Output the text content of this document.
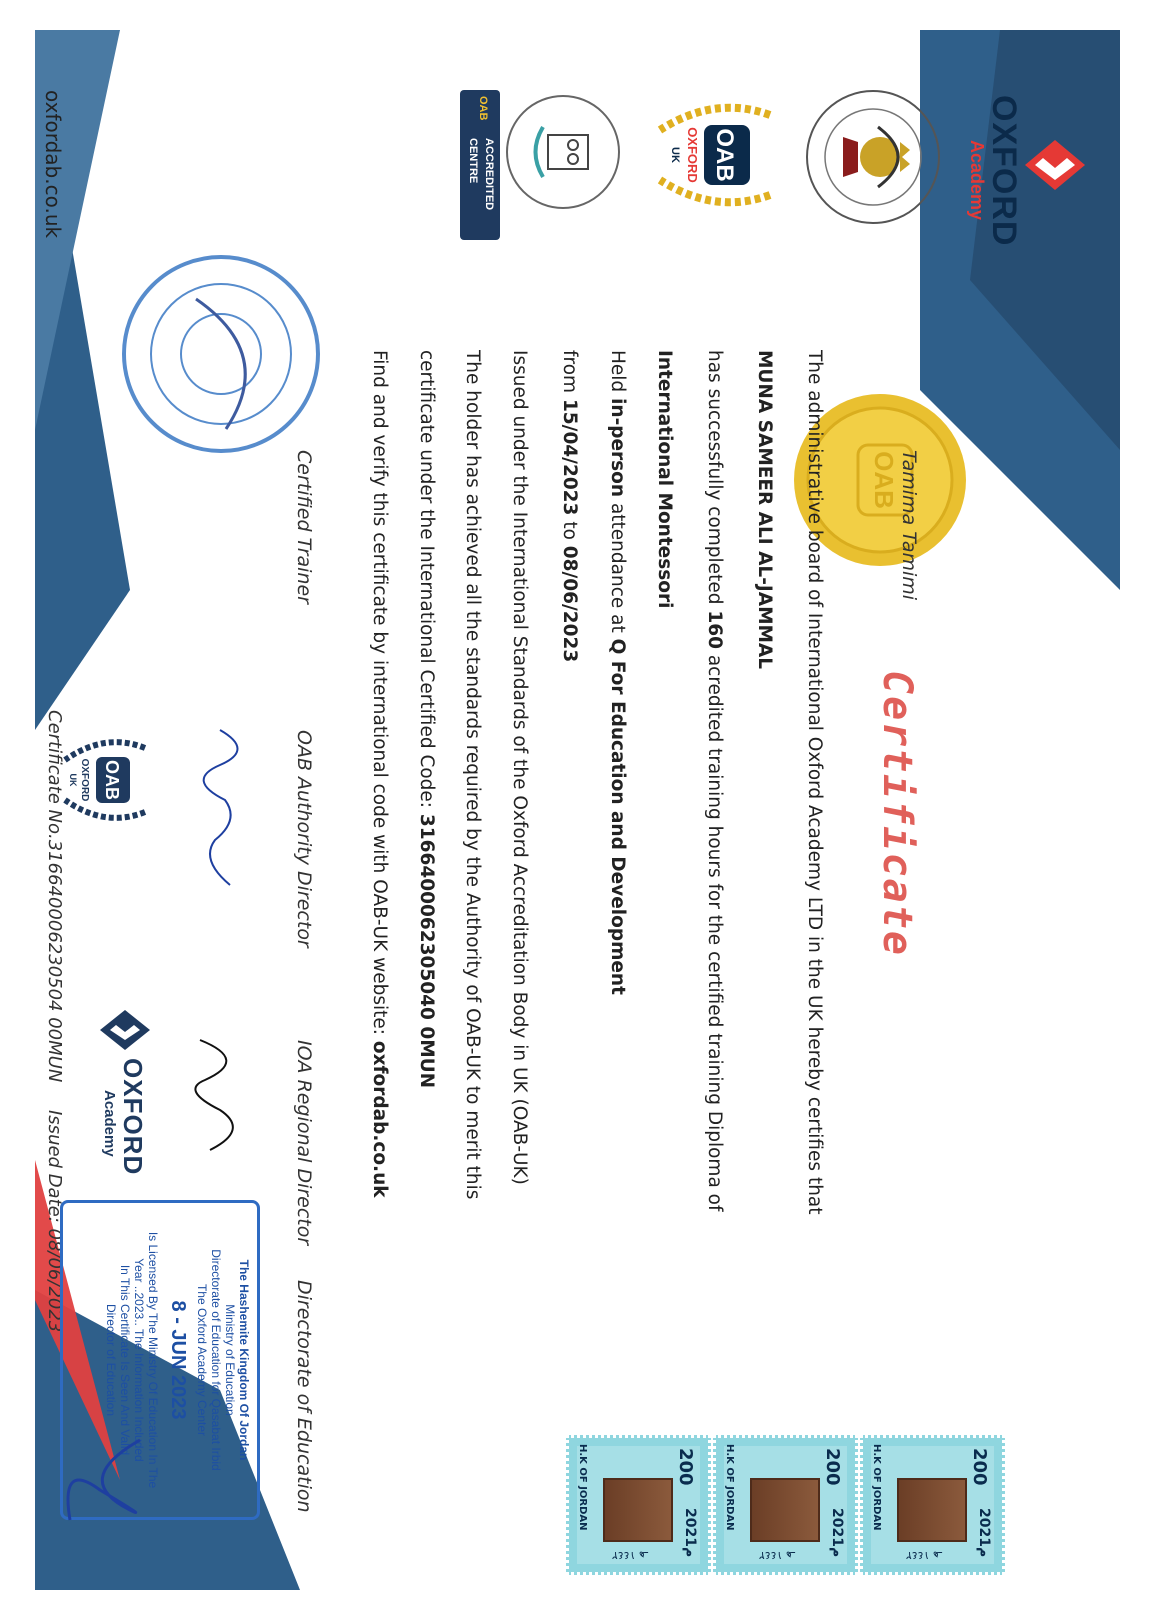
OXFORD
Academy
OAB
OXFORD
UK
OAB
ACCREDITED
CENTRE
Certificate
OAB
The administrative board of International Oxford Academy LTD in the UK hereby certifies that
MUNA SAMEER ALI AL-JAMMAL
has successfully completed 160 acredited training hours for the certified training Diploma of
International Montessori
Held in-person attendance at Q For Education and Development
from 15/04/2023 to 08/06/2023
Issued under the International Standards of the Oxford Accreditation Body in UK (OAB-UK)
The holder has achieved all the standards required by the Authority of OAB-UK to merit this
certificate under the International Certified Code: 3166400062305040 0MUN
Find and verify this certificate by international code with OAB-UK website: oxfordab.co.uk
Tamima Tamimi
Certified Trainer
OAB Authority Director
IOA Regional Director
Directorate of Education
OXFORD
Academy
OAB
OXFORD
UK
Issued Date: 08/06/2023
Certificate No.316640006230504 00MUN
oxfordab.co.uk
200
2021م
H.K OF JORDAN
١٤٤٢ هـ
200
2021م
H.K OF JORDAN
١٤٤٢ هـ
200
2021م
H.K OF JORDAN
١٤٤٢ هـ
The Hashemite Kingdom Of Jordan
Ministry of Education
Directorate of Education for Qasabat Irbid
The Oxford Academy Center
8 - JUN 2023
Is Licensed By The Ministry Of Education In The
Year ..2023.. The Information Included
In This Certificate Is Seen And Valid
Director of Education
